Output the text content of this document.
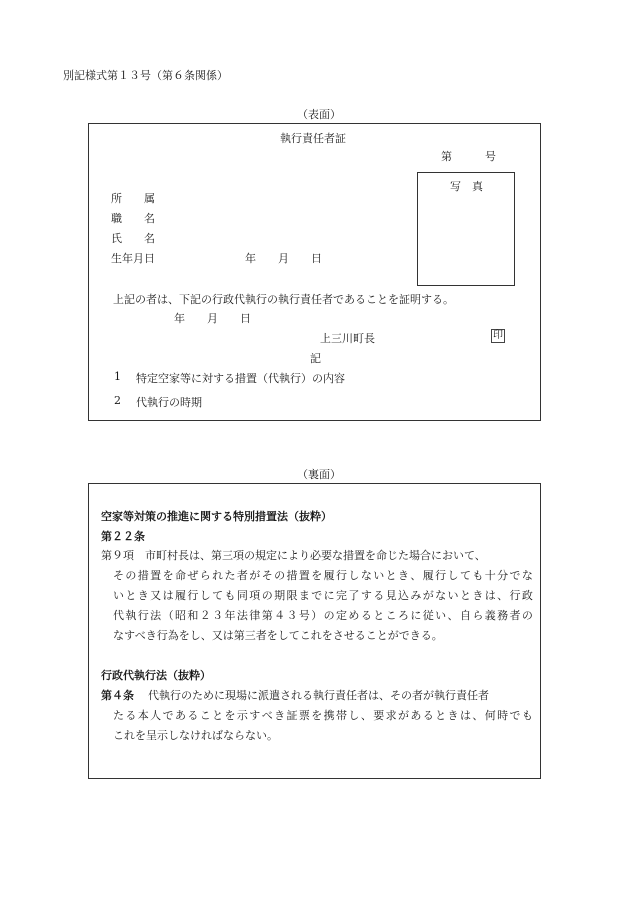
別記様式第１３号（第６条関係）
（表面）
執行責任者証
第　　　号
写　真
所　　属
職　　名
氏　　名
生年月日	年　　月　　日
上記の者は、下記の行政代執行の執行責任者であることを証明する。
年　　月　　日
上三川町長	印
記
1 特定空家等に対する措置（代執行）の内容
2 代執行の時期
（裏面）
空家等対策の推進に関する特別措置法（抜粋）
第２２条
第９項　市町村長は、第三項の規定により必要な措置を命じた場合において、
そ の 措 置 を 命 ぜ ら れ た 者 が そ の 措 置 を 履 行 し な い と き 、 履 行 し て も 十 分 で な
い と き 又 は 履 行 し て も 同 項 の 期 限 ま で に 完 了 す る 見 込 み が な い と き は 、 行 政
代 執 行 法 （ 昭 和 ２ ３ 年 法 律 第 ４ ３ 号 ） の 定 め る と こ ろ に 従 い 、 自 ら 義 務 者 の
なすべき行為をし、又は第三者をしてこれをさせることができる。
行政代執行法（抜粋）
第４条 代執行のために現場に派遣される執行責任者は、その者が執行責任者
た る 本 人 で あ る こ と を 示 す べ き 証 票 を 携 帯 し 、 要 求 が あ る と き は 、 何 時 で も
これを呈示しなければならない。
